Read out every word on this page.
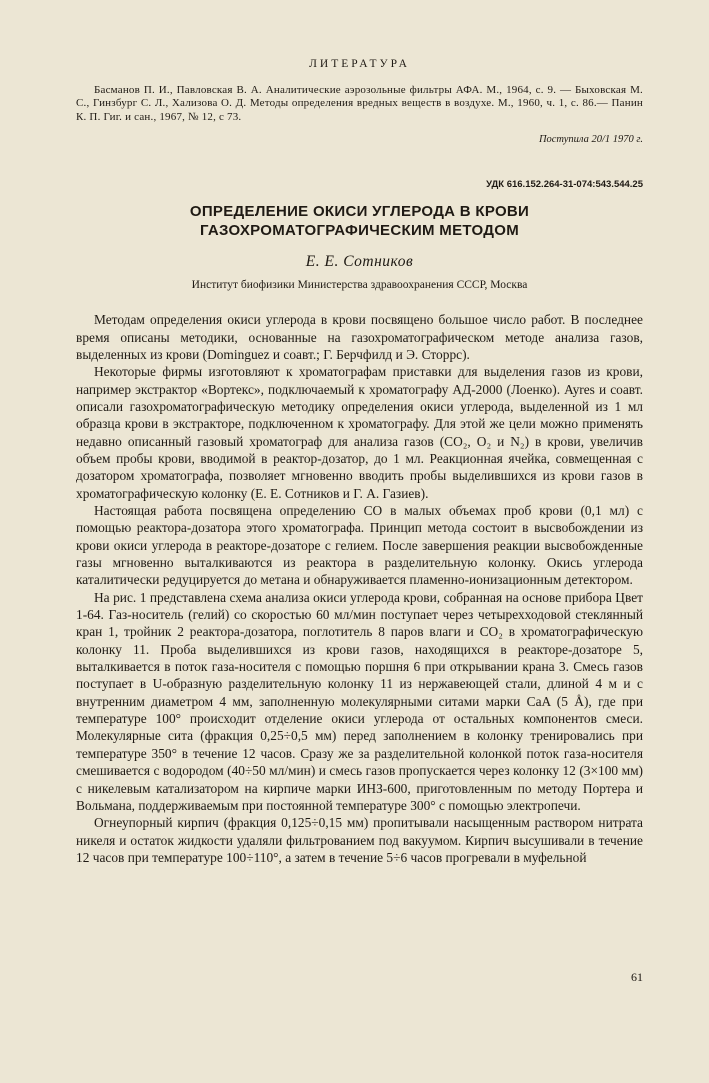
ЛИТЕРАТУРА

Басманов П. И., Павловская В. А. Аналитические аэрозольные фильтры АФА. М., 1964, с. 9. — Быховская М. С., Гинзбург С. Л., Хализова О. Д. Методы определения вредных веществ в воздухе. М., 1960, ч. 1, с. 86.— Панин К. П. Гиг. и сан., 1967, № 12, с 73.

Поступила 20/1 1970 г.
УДК 616.152.264-31-074:543.544.25
ОПРЕДЕЛЕНИЕ ОКИСИ УГЛЕРОДА В КРОВИ
ГАЗОХРОМАТОГРАФИЧЕСКИМ МЕТОДОМ
Е. Е. Сотников
Институт биофизики Министерства здравоохранения СССР, Москва

Методам определения окиси углерода в крови посвящено большое число работ. В последнее время описаны методики, основанные на газохроматографическом методе анализа газов, выделенных из крови (Dominguez и соавт.; Г. Берчфилд и Э. Сторрс).

Некоторые фирмы изготовляют к хроматографам приставки для выделения газов из крови, например экстрактор «Вортекс», подключаемый к хроматографу АД-2000 (Лоенко). Ayres и соавт. описали газохроматографическую методику определения окиси углерода, выделенной из 1 мл образца крови в экстракторе, подключенном к хроматографу. Для этой же цели можно применять недавно описанный газовый хроматограф для анализа газов (CO₂, O₂ и N₂) в крови, увеличив объем пробы крови, вводимой в реактор-дозатор, до 1 мл. Реакционная ячейка, совмещенная с дозатором хроматографа, позволяет мгновенно вводить пробы выделившихся из крови газов в хроматографическую колонку (Е. Е. Сотников и Г. А. Газиев).

Настоящая работа посвящена определению CO в малых объемах проб крови (0,1 мл) с помощью реактора-дозатора этого хроматографа. Принцип метода состоит в высвобождении из крови окиси углерода в реакторе-дозаторе с гелием. После завершения реакции высвобожденные газы мгновенно выталкиваются из реактора в разделительную колонку. Окись углерода каталитически редуцируется до метана и обнаруживается пламенно-ионизационным детектором.

На рис. 1 представлена схема анализа окиси углерода крови, собранная на основе прибора Цвет 1-64. Газ-носитель (гелий) со скоростью 60 мл/мин поступает через четырехходовой стеклянный кран 1, тройник 2 реактора-дозатора, поглотитель 8 паров влаги и CO₂ в хроматографическую колонку 11. Проба выделившихся из крови газов, находящихся в реакторе-дозаторе 5, выталкивается в поток газа-носителя с помощью поршня 6 при открывании крана 3. Смесь газов поступает в U-образную разделительную колонку 11 из нержавеющей стали, длиной 4 м и с внутренним диаметром 4 мм, заполненную молекулярными ситами марки CaA (5 Å), где при температуре 100° происходит отделение окиси углерода от остальных компонентов смеси. Молекулярные сита (фракция 0,25÷0,5 мм) перед заполнением в колонку тренировались при температуре 350° в течение 12 часов. Сразу же за разделительной колонкой поток газа-носителя смешивается с водородом (40÷50 мл/мин) и смесь газов пропускается через колонку 12 (3×100 мм) с никелевым катализатором на кирпиче марки ИНЗ-600, приготовленным по методу Портера и Вольмана, поддерживаемым при постоянной температуре 300° с помощью электропечи.

Огнеупорный кирпич (фракция 0,125÷0,15 мм) пропитывали насыщенным раствором нитрата никеля и остаток жидкости удаляли фильтрованием под вакуумом. Кирпич высушивали в течение 12 часов при температуре 100÷110°, а затем в течение 5÷6 часов прогревали в муфельной

61
